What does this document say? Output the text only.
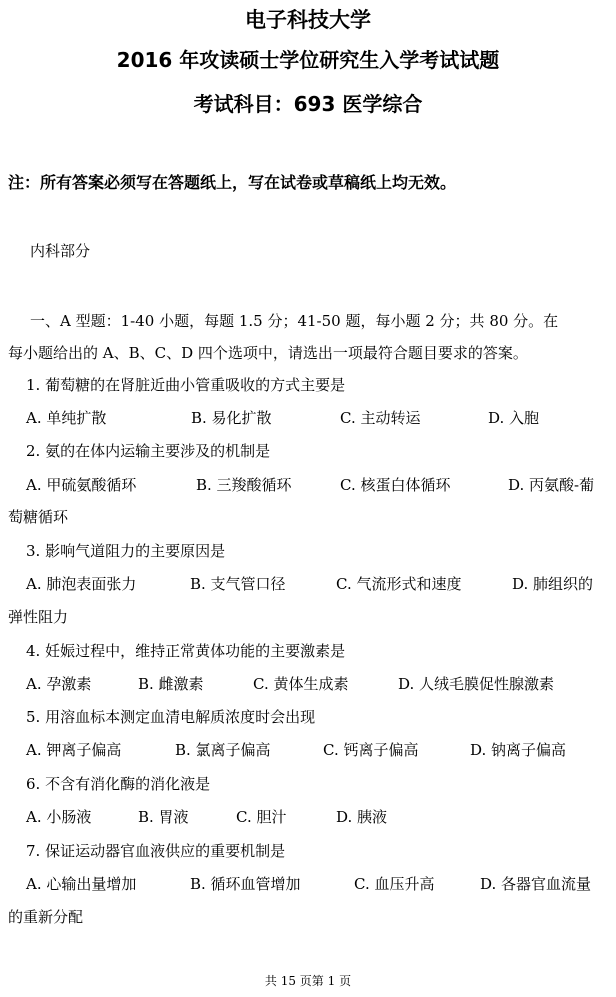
电子科技大学
2016 年攻读硕士学位研究生入学考试试题
考试科目：693 医学综合
注：所有答案必须写在答题纸上，写在试卷或草稿纸上均无效。
内科部分
一、A 型题：1-40 小题，每题 1.5 分；41-50 题，每小题 2 分；共 80 分。在
每小题给出的 A、B、C、D 四个选项中，请选出一项最符合题目要求的答案。
1. 葡萄糖的在肾脏近曲小管重吸收的方式主要是
A. 单纯扩散	B. 易化扩散	C. 主动转运	D. 入胞
2. 氨的在体内运输主要涉及的机制是
A. 甲硫氨酸循环	B. 三羧酸循环	C. 核蛋白体循环	D. 丙氨酸-葡
萄糖循环
3. 影响气道阻力的主要原因是
A. 肺泡表面张力	B. 支气管口径	C. 气流形式和速度	D. 肺组织的
弹性阻力
4. 妊娠过程中，维持正常黄体功能的主要激素是
A. 孕激素	B. 雌激素	C. 黄体生成素	D. 人绒毛膜促性腺激素
5. 用溶血标本测定血清电解质浓度时会出现
A. 钾离子偏高	B. 氯离子偏高	C. 钙离子偏高	D. 钠离子偏高
6. 不含有消化酶的消化液是
A. 小肠液	B. 胃液	C. 胆汁	D. 胰液
7. 保证运动器官血液供应的重要机制是
A. 心输出量增加	B. 循环血管增加	C. 血压升高	D. 各器官血流量
的重新分配
共 15 页第 1 页
